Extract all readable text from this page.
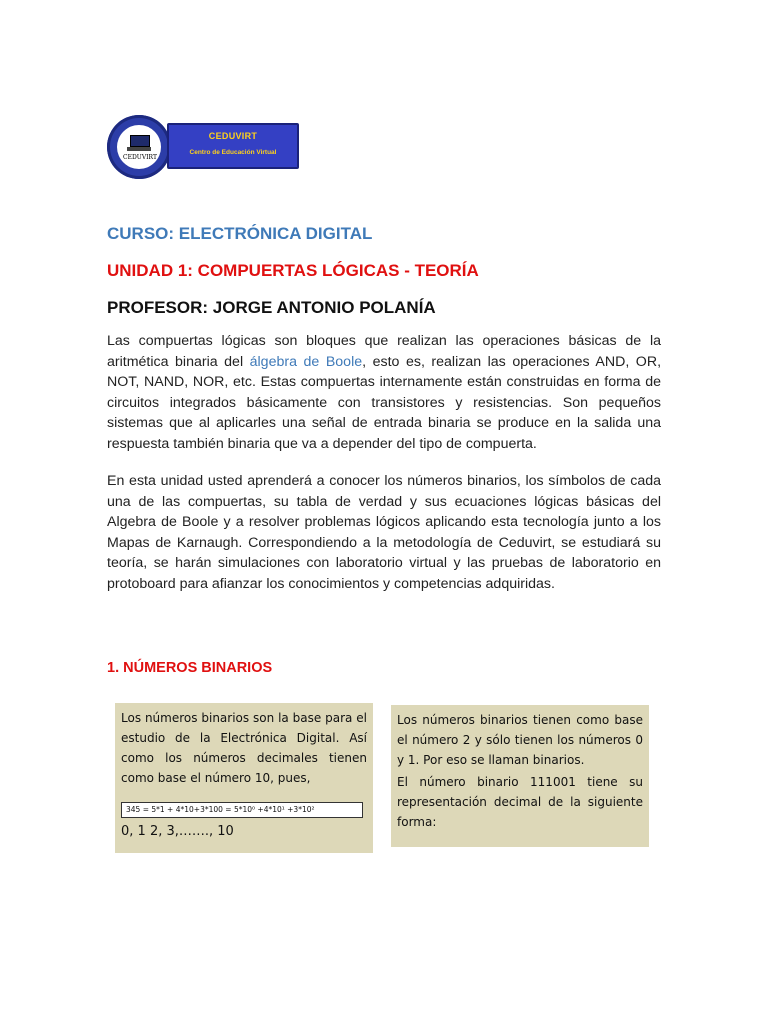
CEDUVIRT
CEDUVIRT
Centro de Educación Virtual
CURSO: ELECTRÓNICA DIGITAL
UNIDAD 1: COMPUERTAS LÓGICAS - TEORÍA
PROFESOR: JORGE ANTONIO POLANÍA

Las compuertas lógicas son bloques que realizan las operaciones básicas de la aritmética binaria del álgebra de Boole, esto es, realizan las operaciones AND, OR, NOT, NAND, NOR, etc. Estas compuertas internamente están construidas en forma de circuitos integrados básicamente con transistores y resistencias. Son pequeños sistemas que al aplicarles una señal de entrada binaria se produce en la salida una respuesta también binaria que va a depender del tipo de compuerta.

En esta unidad usted aprenderá a conocer los números binarios, los símbolos de cada una de las compuertas, su tabla de verdad y sus ecuaciones lógicas básicas del Algebra de Boole y a resolver problemas lógicos aplicando esta tecnología junto a los Mapas de Karnaugh. Correspondiendo a la metodología de Ceduvirt, se estudiará su teoría, se harán simulaciones con laboratorio virtual y las pruebas de laboratorio en protoboard para afianzar los conocimientos y competencias adquiridas.

1. NÚMEROS BINARIOS

Los números binarios son la base para el estudio de la Electrónica Digital. Así como los números decimales tienen como base el número 10, pues,

345 = 5*1 + 4*10+3*100 = 5*10⁰ +4*10¹ +3*10²
0, 1 2, 3,……., 10

Los números binarios tienen como base el número 2 y sólo tienen los números 0 y 1. Por eso se llaman binarios.

El número binario 111001 tiene su representación decimal de la siguiente forma:
